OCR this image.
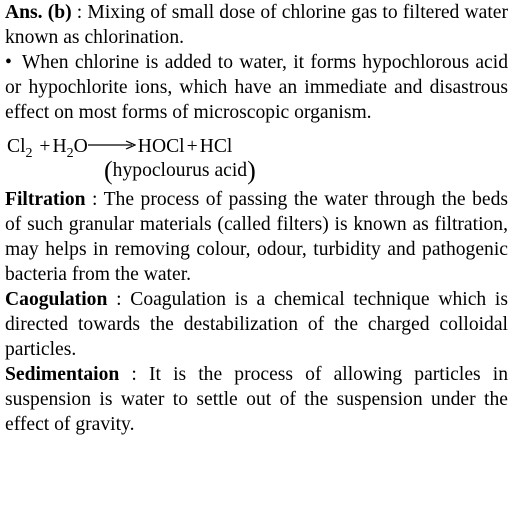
Ans. (b) : Mixing of small dose of chlorine gas to filtered water known as chlorination.

• When chlorine is added to water, it forms hypochlorous acid or hypochlorite ions, which have an immediate and disastrous effect on most forms of microscopic organism.

$Cl_2 + H_2O\to$ HOCl + HCl
(hypoclourus acid)

Filtration : The process of passing the water through the beds of such granular materials (called filters) is known as filtration, may helps in removing colour, odour, turbidity and pathogenic bacteria from the water.

Caogulation : Coagulation is a chemical technique which is directed towards the destabilization of the charged colloidal particles.

Sedimentaion : It is the process of allowing particles in suspension is water to settle out of the suspension under the effect of gravity.
